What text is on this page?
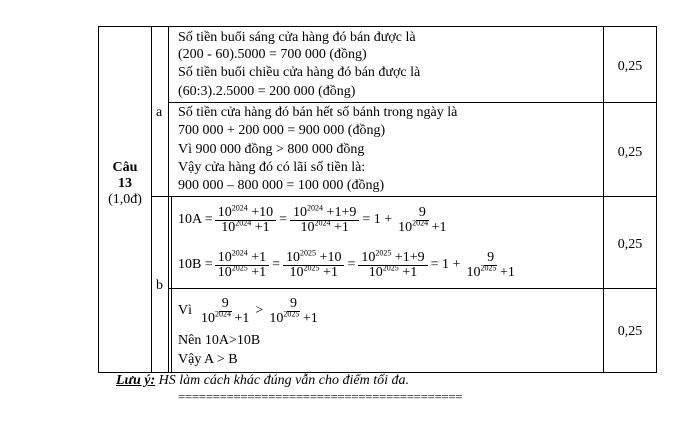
Câu
13
(1,0đ)
a
b
Số tiền buổi sáng cửa hàng đó bán được là
(200 - 60).5000 = 700 000 (đồng)
Số tiền buổi chiều cửa hàng đó bán được là
(60:3).2.5000 = 200 000 (đồng)
0,25
Số tiền cửa hàng đó bán hết số bánh trong ngày là
700 000 + 200 000 = 900 000 (đồng)
Vì 900 000 đồng > 800 000 đồng
Vậy cửa hàng đó có lãi số tiền là:
900 000 – 800 000 = 100 000 (đồng)
0,25
$10A = \frac{10^{2024} +10}{10^{2024} +1} = \frac{10^{2024} +1+9}{10^{2024} +1} = 1 + \frac{9}{10^{2024} +1}$
$10B = \frac{10^{2024} +1}{10^{2025} +1} = \frac{10^{2025} +10}{10^{2025} +1} = \frac{10^{2025} +1+9}{10^{2025} +1} = 1 + \frac{9}{10^{2025} +1}$
0,25
Vì $\frac{9}{10^{2024} +1} > \frac{9}{10^{2025} +1}$
Nên 10A>10B
Vậy A > B
0,25
Lưu ý: HS làm cách khác đúng vẫn cho điểm tối đa.
=========================================
